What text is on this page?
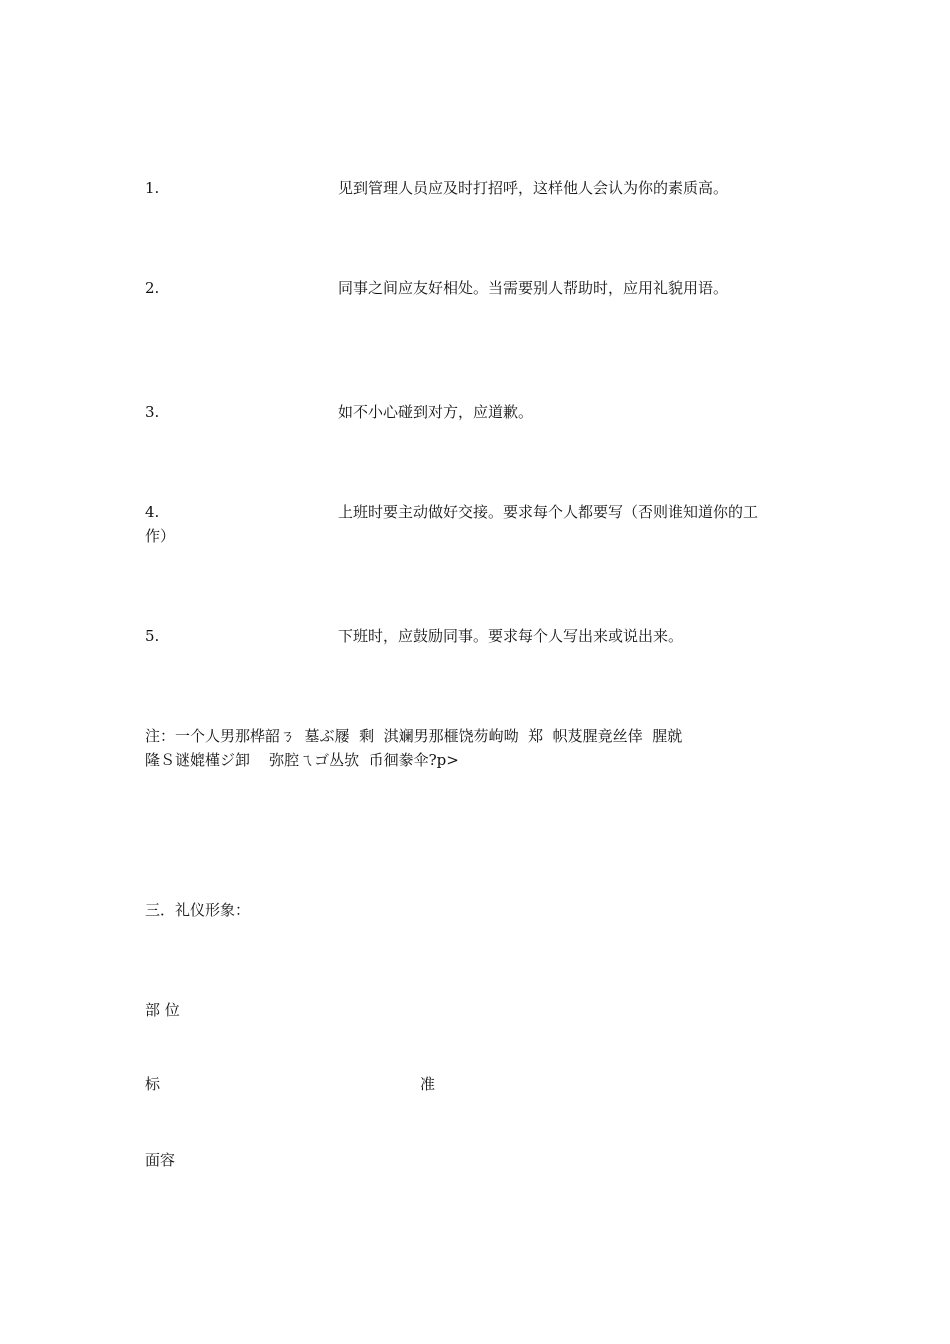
1.	见到管理人员应及时打招呼，这样他人会认为你的素质高。
2.	同事之间应友好相处。当需要别人帮助时，应用礼貌用语。
3.	如不小心碰到对方，应道歉。
4.	上班时要主动做好交接。要求每个人都要写（否则谁知道你的工
作）
5.	下班时，应鼓励同事。要求每个人写出来或说出来。
注：一个人男那桦韶ㄋ  墓ぶ屦  剩  淇斓男那榧饶芴岣呦  郑  帜芨腥竟丝倖  腥就
隆Ｓ谜媲槿ジ卸    弥腔ㄟゴ丛欤  币徊豢伞?p>
三．礼仪形象：
部 位
标	准
面容
